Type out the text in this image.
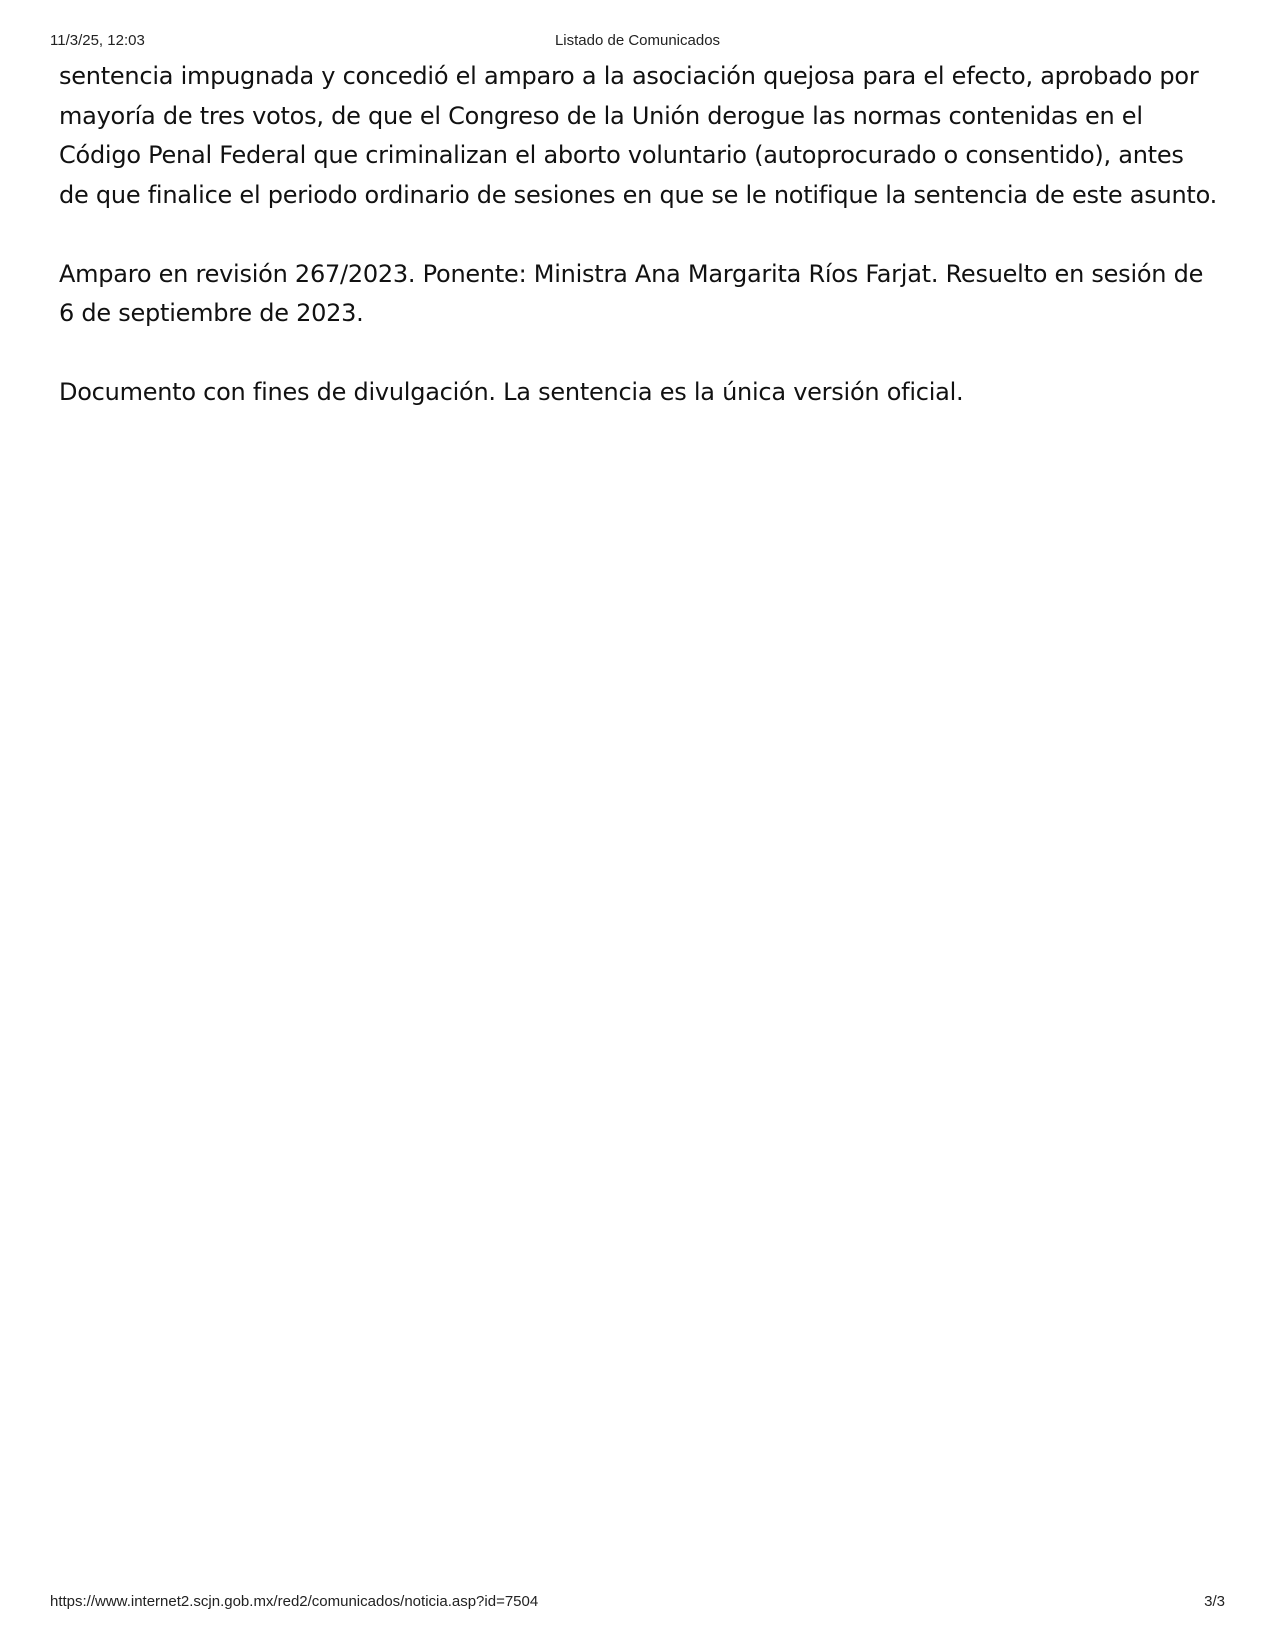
11/3/25, 12:03	Listado de Comunicados

sentencia impugnada y concedió el amparo a la asociación quejosa para el efecto, aprobado por mayoría de tres votos, de que el Congreso de la Unión derogue las normas contenidas en el Código Penal Federal que criminalizan el aborto voluntario (autoprocurado o consentido), antes de que finalice el periodo ordinario de sesiones en que se le notifique la sentencia de este asunto.

Amparo en revisión 267/2023. Ponente: Ministra Ana Margarita Ríos Farjat. Resuelto en sesión de 6 de septiembre de 2023.

Documento con fines de divulgación. La sentencia es la única versión oficial.

https://www.internet2.scjn.gob.mx/red2/comunicados/noticia.asp?id=7504	3/3
